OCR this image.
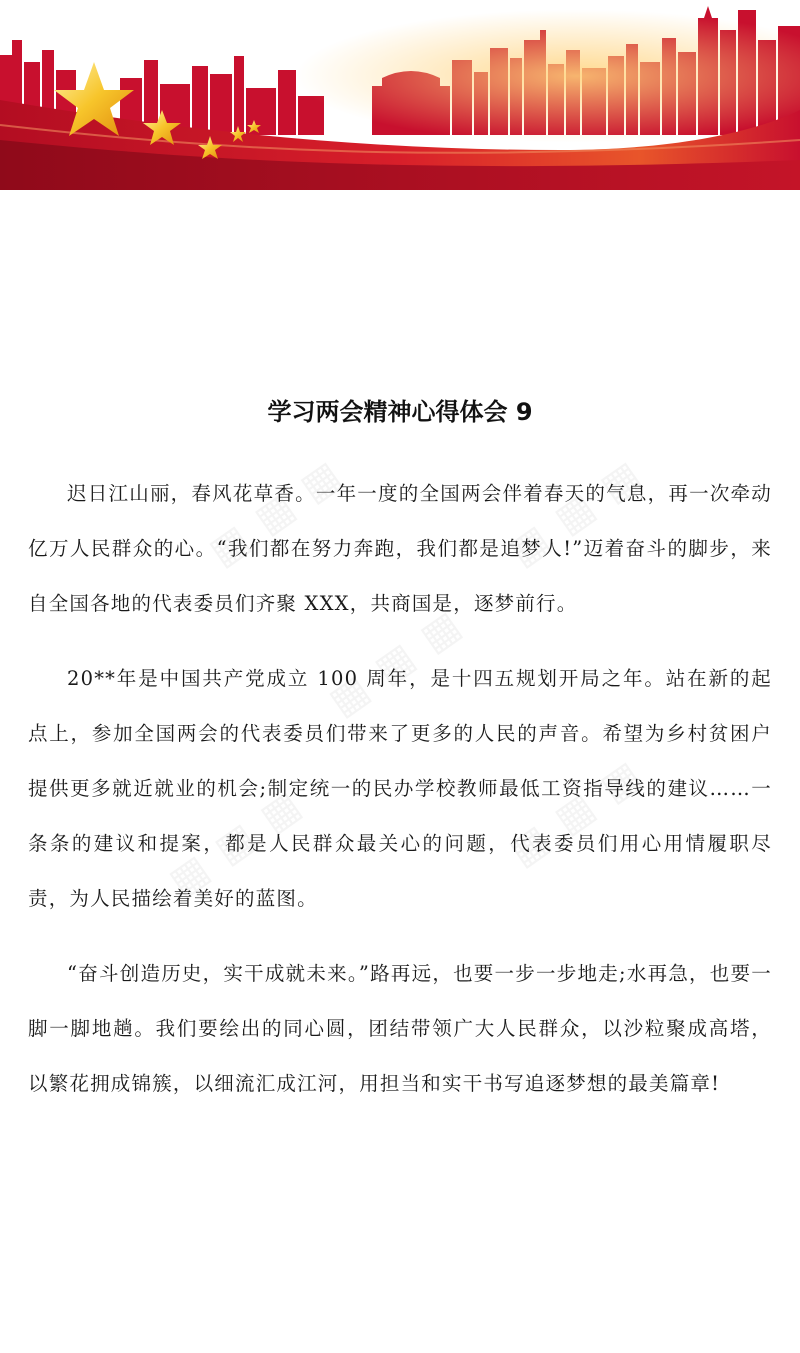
学习两会精神心得体会 9

迟日江山丽，春风花草香。一年一度的全国两会伴着春天的气息，再一次牵动亿万人民群众的心。“我们都在努力奔跑，我们都是追梦人!”迈着奋斗的脚步，来自全国各地的代表委员们齐聚 XXX，共商国是，逐梦前行。

20**年是中国共产党成立 100 周年，是十四五规划开局之年。站在新的起点上，参加全国两会的代表委员们带来了更多的人民的声音。希望为乡村贫困户提供更多就近就业的机会;制定统一的民办学校教师最低工资指导线的建议……一条条的建议和提案，都是人民群众最关心的问题，代表委员们用心用情履职尽责，为人民描绘着美好的蓝图。

“奋斗创造历史，实干成就未来。”路再远，也要一步一步地走;水再急，也要一脚一脚地趟。我们要绘出的同心圆，团结带领广大人民群众，以沙粒聚成高塔，以繁花拥成锦簇，以细流汇成江河，用担当和实干书写追逐梦想的最美篇章!
